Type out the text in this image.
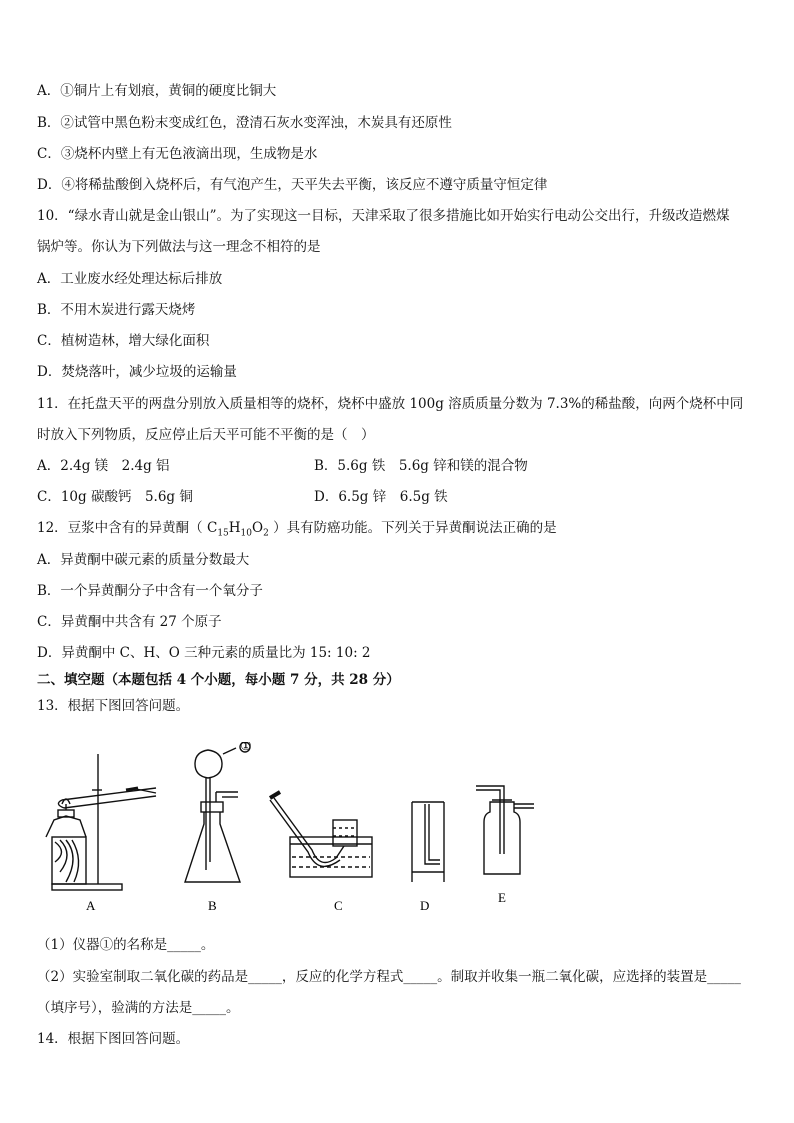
A．①铜片上有划痕，黄铜的硬度比铜大
B．②试管中黑色粉末变成红色，澄清石灰水变浑浊，木炭具有还原性
C．③烧杯内壁上有无色液滴出现，生成物是水
D．④将稀盐酸倒入烧杯后，有气泡产生，天平失去平衡，该反应不遵守质量守恒定律
10．“绿水青山就是金山银山”。为了实现这一目标，天津采取了很多措施比如开始实行电动公交出行，升级改造燃煤
锅炉等。你认为下列做法与这一理念不相符的是
A．工业废水经处理达标后排放
B．不用木炭进行露天烧烤
C．植树造林，增大绿化面积
D．焚烧落叶，减少垃圾的运输量
11．在托盘天平的两盘分别放入质量相等的烧杯，烧杯中盛放 100g 溶质质量分数为 7.3%的稀盐酸，向两个烧杯中同
时放入下列物质，反应停止后天平可能不平衡的是（　）
A．2.4g 镁　2.4g 铝	B．5.6g 铁　5.6g 锌和镁的混合物
C．10g 碳酸钙　5.6g 铜	D．6.5g 锌　6.5g 铁
12．豆浆中含有的异黄酮（ $C_{15}H_{10}O_2$ ）具有防癌功能。下列关于异黄酮说法正确的是
A．异黄酮中碳元素的质量分数最大
B．一个异黄酮分子中含有一个氧分子
C．异黄酮中共含有 27 个原子
D．异黄酮中 C、H、O 三种元素的质量比为 15: 10: 2
二、填空题（本题包括 4 个小题，每小题 7 分，共 28 分）
13．根据下图回答问题。
①
A	B	C	D
E
（1）仪器①的名称是_____。
（2）实验室制取二氧化碳的药品是_____，反应的化学方程式_____。制取并收集一瓶二氧化碳，应选择的装置是_____
（填序号），验满的方法是_____。
14．根据下图回答问题。
